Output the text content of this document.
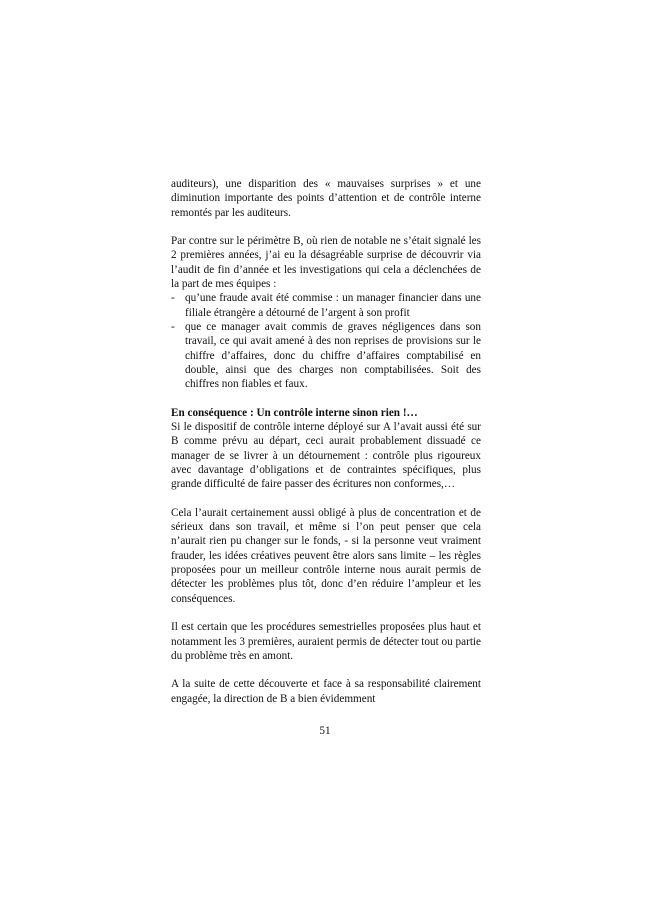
auditeurs), une disparition des « mauvaises surprises » et une diminution importante des points d’attention et de contrôle interne remontés par les auditeurs.

Par contre sur le périmètre B, où rien de notable ne s’était signalé les 2 premières années, j’ai eu la désagréable surprise de découvrir via l’audit de fin d’année et les investigations qui cela a déclenchées de la part de mes équipes :

- qu’une fraude avait été commise : un manager financier dans une filiale étrangère a détourné de l’argent à son profit
- que ce manager avait commis de graves négligences dans son travail, ce qui avait amené à des non reprises de provisions sur le chiffre d’affaires, donc du chiffre d’affaires comptabilisé en double, ainsi que des charges non comptabilisées. Soit des chiffres non fiables et faux.

En conséquence : Un contrôle interne sinon rien !…

Si le dispositif de contrôle interne déployé sur A l’avait aussi été sur B comme prévu au départ, ceci aurait probablement dissuadé ce manager de se livrer à un détournement : contrôle plus rigoureux avec davantage d’obligations et de contraintes spécifiques, plus grande difficulté de faire passer des écritures non conformes,…

Cela l’aurait certainement aussi obligé à plus de concentration et de sérieux dans son travail, et même si l’on peut penser que cela n’aurait rien pu changer sur le fonds, - si la personne veut vraiment frauder, les idées créatives peuvent être alors sans limite – les règles proposées pour un meilleur contrôle interne nous aurait permis de détecter les problèmes plus tôt, donc d’en réduire l’ampleur et les conséquences.

Il est certain que les procédures semestrielles proposées plus haut et notamment les 3 premières, auraient permis de détecter tout ou partie du problème très en amont.

A la suite de cette découverte et face à sa responsabilité clairement engagée, la direction de B a bien évidemment

51
